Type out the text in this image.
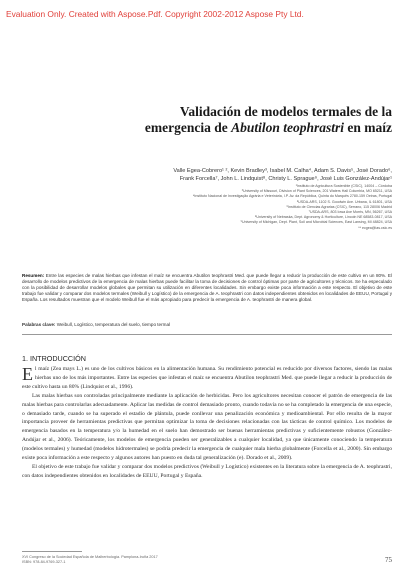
Evaluation Only. Created with Aspose.Pdf. Copyright 2002-2012 Aspose Pty Ltd.
Validación de modelos termales de la
emergencia de Abutilon teophrastri en maíz
Valle Egea-Cobrero¹ ², Kevin Bradley³, Isabel M. Calha⁴, Adam S. Davis⁵, José Dorado⁶,
Frank Forcella⁷, John L. Lindquist⁸, Christy L. Sprague⁹, José Luis González-Andújar¹
¹Instituto de Agricultura Sostenible (CSIC), 14004 – Córdoba
³University of Missouri, Division of Plant Sciences, 201 Waters Hall Columbia, MO 65211, USA
⁴Instituto Nacional de Investigação Agrária e Veterinária, I.P. Av. da República, Quinta do Marquês 2780-159 Oeiras, Portugal
⁵USDA-ARS, 1102 S. Goodwin Ave. Urbana, IL 61801, USA
⁶Instituto de Ciencias Agrarias (CSIC), Serrano, 115 28006 Madrid
⁷USDA-ARS, 803 Iowa Ave Morris, MN, 56267, USA
⁸University of Nebraska, Dept. Agronomy & Horticulture, Lincoln NE 68583-0817, USA
⁹University of Michigan, Dept. Plant, Soil and Microbial Sciences, East Lansing, MI 48824, USA
** ecgea@ias.csic.es
Resumen: Entre las especies de malas hierbas que infestan el maíz se encuentra Abutilon teophrastri Med. que puede llegar a reducir la producción de este cultivo en un 80%. El desarrollo de modelos predictivos de la emergencia de malas hierbas puede facilitar la toma de decisiones de control óptimas por parte de agricultores y técnicos. Se ha especulado con la posibilidad de desarrollar modelos globales que permitan su utilización en diferentes localidades. Sin embargo existe poca información a este respecto. El objetivo de este trabajo fue validar y comparar dos modelos termales (Weibull y Logístico) de la emergencia de A. teophrastri con datos independientes obtenidos en localidades de EEUU, Portugal y España. Los resultados muestran que el modelo Weibull fue el más apropiado para predecir la emergencia de A. teophrastri de manera global.
Palabras clave: Weibull, Logístico, temperatura del suelo, tiempo termal
1. INTRODUCCIÓN

El maíz (Zea mays L.) es uno de los cultivos básicos en la alimentación humana. Su rendimiento potencial es reducido por diversos factores, siendo las malas hierbas uno de los más importantes. Entre las especies que infestan el maíz se encuentra Abutilon teophrastri Med. que puede llegar a reducir la producción de este cultivo hasta un 80% (Lindquist et al., 1996).

Las malas hierbas son controladas principalmente mediante la aplicación de herbicidas. Pero los agricultores necesitan conocer el patrón de emergencia de las malas hierbas para controlarlas adecuadamente. Aplicar las medidas de control demasiado pronto, cuando todavía no se ha completado la emergencia de una especie, o demasiado tarde, cuando se ha superado el estadio de plántula, puede conllevar una penalización económica y medioambiental. Por ello resulta de la mayor importancia proveer de herramientas predictivas que permitan optimizar la toma de decisiones relacionadas con las tácticas de control químico. Los modelos de emergencia basados en la temperatura y/o la humedad en el suelo han demostrado ser buenas herramientas predictivas y suficientemente robustos (González-Andújar et al., 2006). Teóricamente, los modelos de emergencia pueden ser generalizables a cualquier localidad, ya que únicamente conociendo la temperatura (modelos termales) y humedad (modelos hidrotermales) se podría predecir la emergencia de cualquier mala hierba globalmente (Forcella et al., 2000). Sin embargo existe poca información a este respecto y algunos autores han puesto en duda tal generalización (e). Dorado et al., 2009).

El objetivo de este trabajo fue validar y comparar dos modelos predictivos (Weibull y Logístico) existentes en la literatura sobre la emergencia de A. teophrastri, con datos independientes obtenidos en localidades de EEUU, Portugal y España.

XVI Congreso de la Sociedad Española de Malherbología. Pamplona-Iruña 2017
ISBN: 978-84-9769-327-1	75
